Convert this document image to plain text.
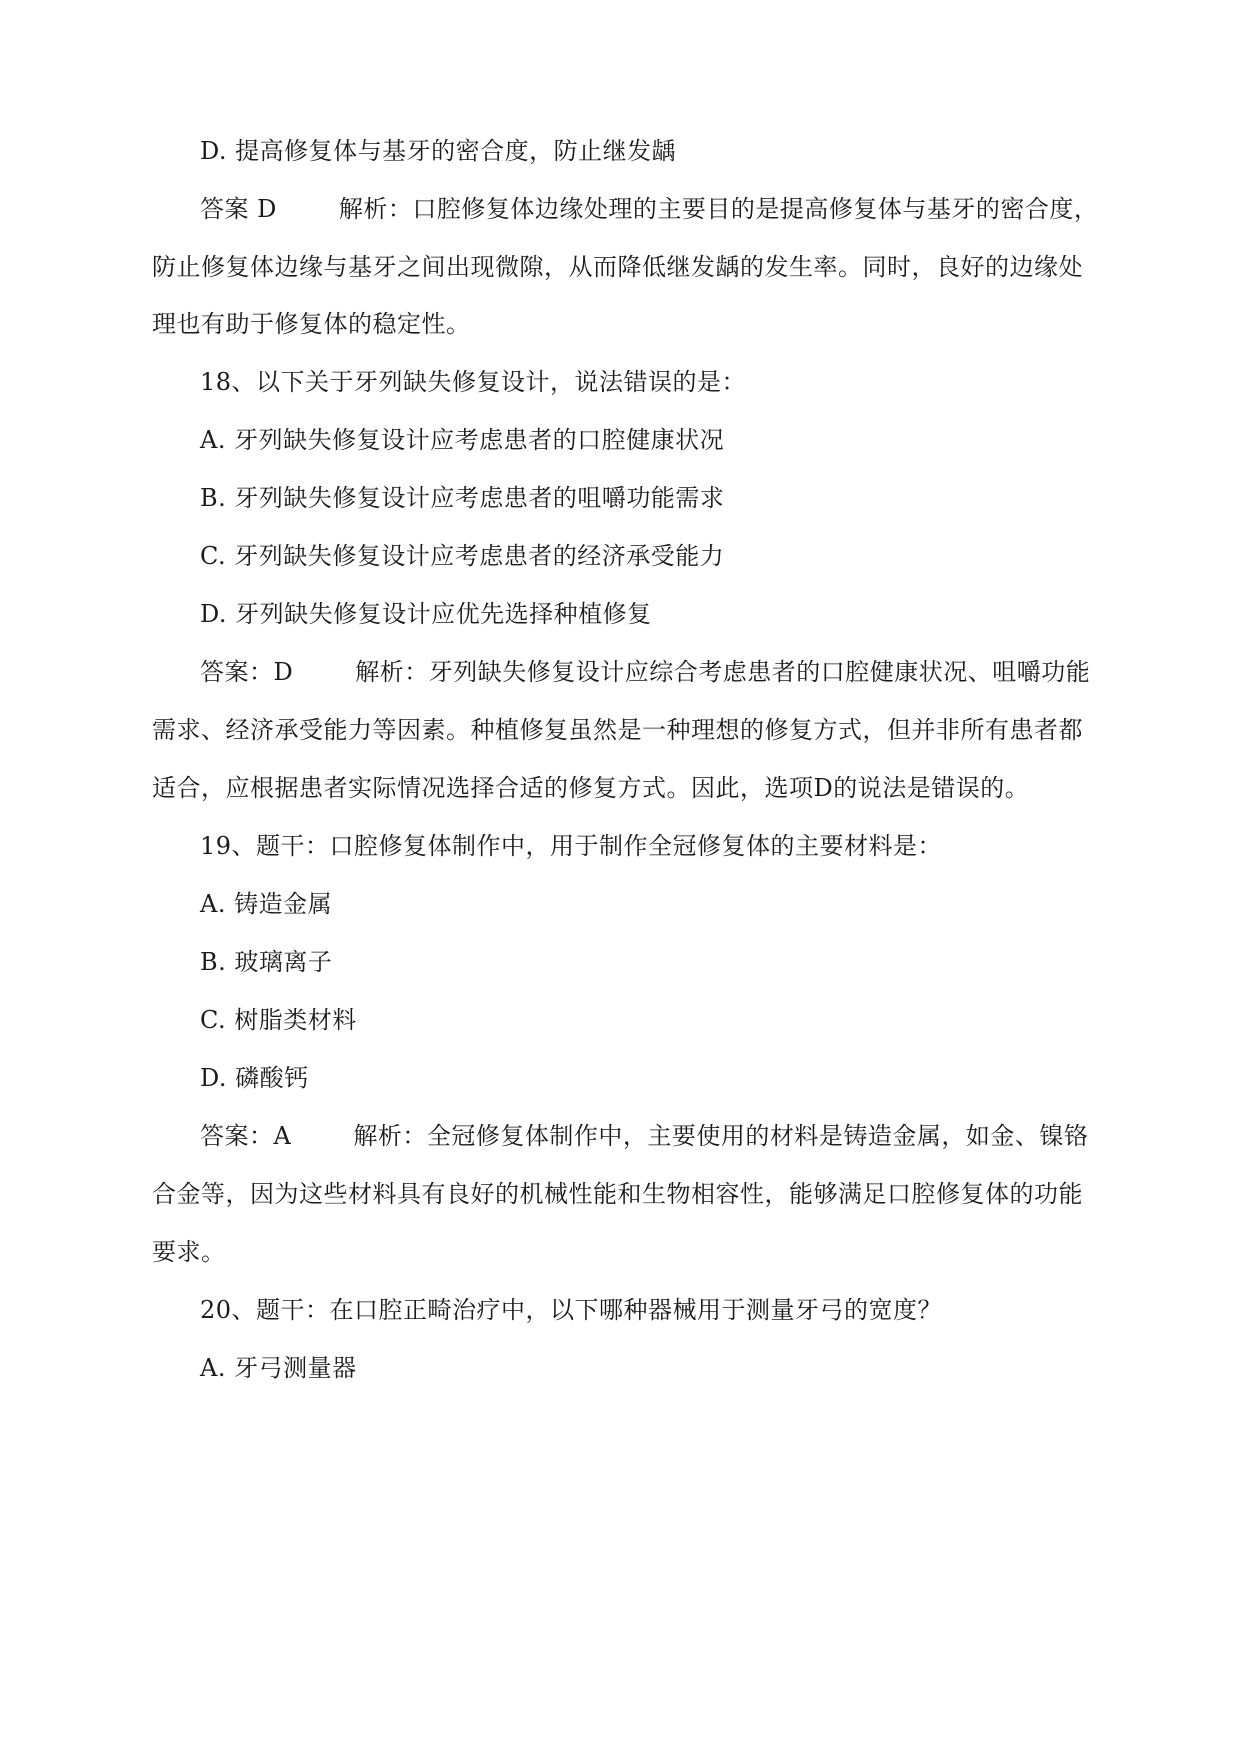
D. 提高修复体与基牙的密合度，防止继发龋
答案 D	解析：口腔修复体边缘处理的主要目的是提高修复体与基牙的密合度，
防止修复体边缘与基牙之间出现微隙，从而降低继发龋的发生率。同时，良好的边缘处
理也有助于修复体的稳定性。
18、以下关于牙列缺失修复设计，说法错误的是：
A. 牙列缺失修复设计应考虑患者的口腔健康状况
B. 牙列缺失修复设计应考虑患者的咀嚼功能需求
C. 牙列缺失修复设计应考虑患者的经济承受能力
D. 牙列缺失修复设计应优先选择种植修复
答案：D	解析：牙列缺失修复设计应综合考虑患者的口腔健康状况、咀嚼功能
需求、经济承受能力等因素。种植修复虽然是一种理想的修复方式，但并非所有患者都
适合，应根据患者实际情况选择合适的修复方式。因此，选项D的说法是错误的。
19、题干：口腔修复体制作中，用于制作全冠修复体的主要材料是：
A. 铸造金属
B. 玻璃离子
C. 树脂类材料
D. 磷酸钙
答案：A	解析：全冠修复体制作中，主要使用的材料是铸造金属，如金、镍铬
合金等，因为这些材料具有良好的机械性能和生物相容性，能够满足口腔修复体的功能
要求。
20、题干：在口腔正畸治疗中，以下哪种器械用于测量牙弓的宽度？
A. 牙弓测量器
